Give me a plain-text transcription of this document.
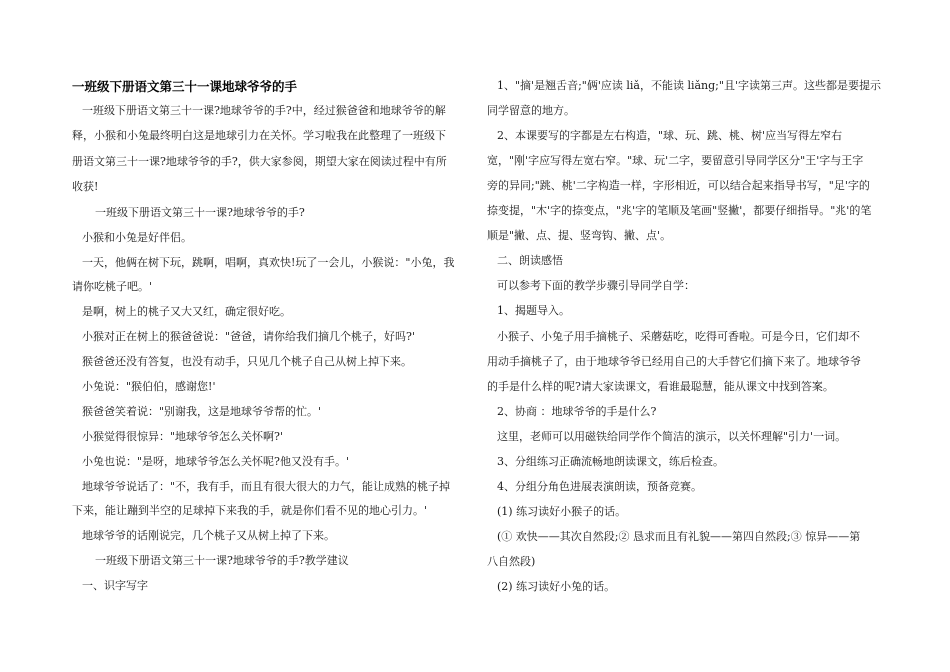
一班级下册语文第三十一课地球爷爷的手
一班级下册语文第三十一课?地球爷爷的手?中，经过猴爸爸和地球爷爷的解
释，小猴和小兔最终明白这是地球引力在关怀。学习啦我在此整理了一班级下
册语文第三十一课?地球爷爷的手?，供大家参阅，期望大家在阅读过程中有所
收获!
一班级下册语文第三十一课?地球爷爷的手?
小猴和小兔是好伴侣。
一天，他俩在树下玩，跳啊，唱啊，真欢快!玩了一会儿，小猴说："小兔，我
请你吃桃子吧。'
是啊，树上的桃子又大又红，确定很好吃。
小猴对正在树上的猴爸爸说："爸爸，请你给我们摘几个桃子，好吗?'
猴爸爸还没有答复，也没有动手，只见几个桃子自己从树上掉下来。
小兔说："猴伯伯，感谢您!'
猴爸爸笑着说："别谢我，这是地球爷爷帮的忙。'
小猴觉得很惊异："地球爷爷怎么关怀啊?'
小兔也说："是呀，地球爷爷怎么关怀呢?他又没有手。'
地球爷爷说话了："不，我有手，而且有很大很大的力气，能让成熟的桃子掉
下来，能让蹦到半空的足球掉下来我的手，就是你们看不见的地心引力。'
地球爷爷的话刚说完，几个桃子又从树上掉了下来。
一班级下册语文第三十一课?地球爷爷的手?教学建议
一、识字写字
1、"摘'是翘舌音;"俩'应读 liǎ，不能读 liǎng;"且'字读第三声。这些都是要提示
同学留意的地方。
2、本课要写的字都是左右构造，"球、玩、跳、桃、树'应当写得左窄右
宽，"刚'字应写得左宽右窄。"球、玩'二字，要留意引导同学区分"王'字与王字
旁的异同;"跳、桃'二字构造一样，字形相近，可以结合起来指导书写，"足'字的
捺变提，"木'字的捺变点，"兆'字的笔顺及笔画"竖撇'，都要仔细指导。"兆'的笔
顺是"撇、点、提、竖弯钩、撇、点'。
二、朗读感悟
可以参考下面的教学步骤引导同学自学：
1、揭题导入。
小猴子、小兔子用手摘桃子、采蘑菇吃，吃得可香啦。可是今日，它们却不
用动手摘桃子了，由于地球爷爷已经用自己的大手替它们摘下来了。地球爷爷
的手是什么样的呢?请大家读课文，看谁最聪慧，能从课文中找到答案。
2、协商 ：地球爷爷的手是什么?
这里，老师可以用磁铁给同学作个简洁的演示，以关怀理解"引力'一词。
3、分组练习正确流畅地朗读课文，练后检查。
4、分组分角色进展表演朗读，预备竞赛。
(1) 练习读好小猴子的话。
(① 欢快——其次自然段;② 恳求而且有礼貌——第四自然段;③ 惊异——第
八自然段)
(2) 练习读好小兔的话。
